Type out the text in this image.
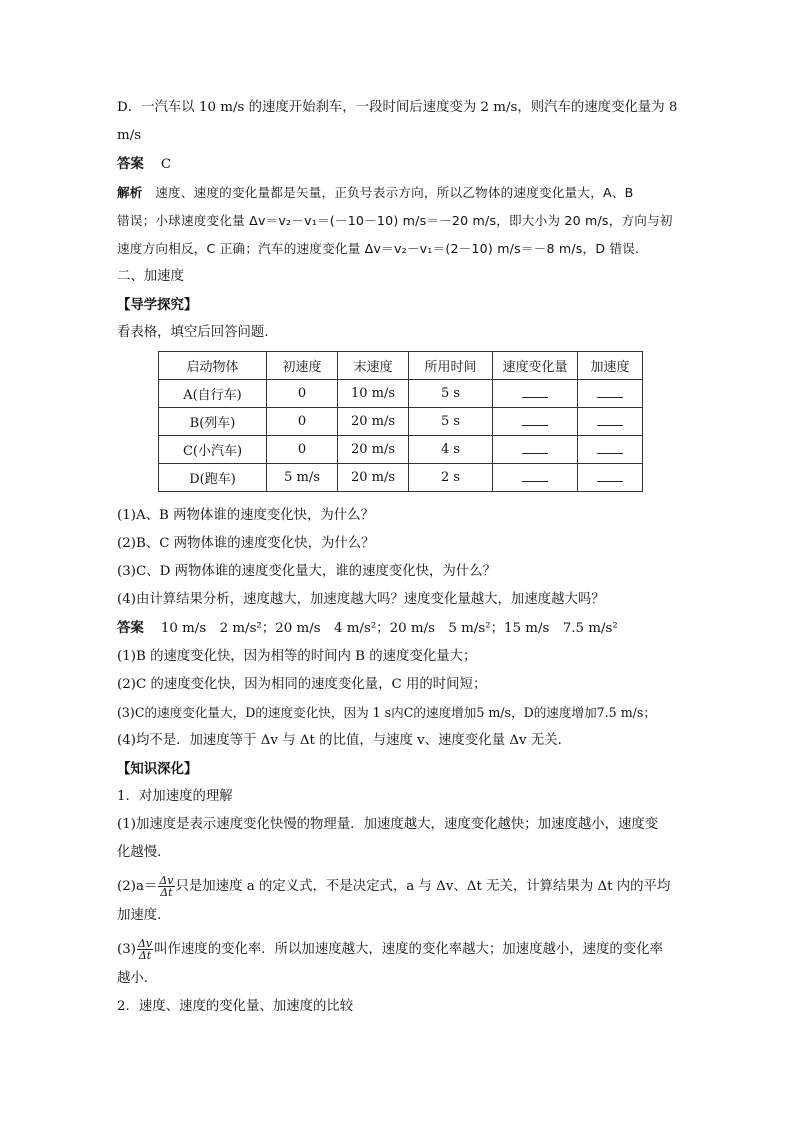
D．一汽车以 10 m/s 的速度开始刹车，一段时间后速度变为 2 m/s，则汽车的速度变化量为 8

m/s

答案 C

解析 速度、速度的变化量都是矢量，正负号表示方向，所以乙物体的速度变化量大，A、B

错误；小球速度变化量 Δv＝v₂－v₁＝(－10－10) m/s＝－20 m/s，即大小为 20 m/s，方向与初

速度方向相反，C 正确；汽车的速度变化量 Δv＝v₂－v₁＝(2－10) m/s＝－8 m/s，D 错误.

二、加速度

【导学探究】

看表格，填空后回答问题.

启动物体	初速度	末速度	所用时间	速度变化量	加速度
A(自行车)	0	10 m/s	5 s		
B(列车)	0	20 m/s	5 s		
C(小汽车)	0	20 m/s	4 s		
D(跑车)	5 m/s	20 m/s	2 s		

(1)A、B 两物体谁的速度变化快，为什么？

(2)B、C 两物体谁的速度变化快，为什么？

(3)C、D 两物体谁的速度变化量大，谁的速度变化快，为什么？

(4)由计算结果分析，速度越大，加速度越大吗？速度变化量越大，加速度越大吗？

答案 10 m/s　2 m/s²；20 m/s　4 m/s²；20 m/s　5 m/s²；15 m/s　7.5 m/s²

(1)B 的速度变化快，因为相等的时间内 B 的速度变化量大；

(2)C 的速度变化快，因为相同的速度变化量，C 用的时间短；

(3)C的速度变化量大，D的速度变化快，因为 1 s内C的速度增加5 m/s，D的速度增加7.5 m/s；

(4)均不是．加速度等于 Δv 与 Δt 的比值，与速度 v、速度变化量 Δv 无关．

【知识深化】

1．对加速度的理解

(1)加速度是表示速度变化快慢的物理量．加速度越大，速度变化越快；加速度越小，速度变

化越慢．

$(2)a= \frac{\Delta v}{\Delta t}$ 只是加速度 a 的定义式，不是决定式，a 与 Δv、Δt 无关，计算结果为 Δt 内的平均

加速度．

$(3) \frac{\Delta v}{\Delta t}$ 叫作速度的变化率．所以加速度越大，速度的变化率越大；加速度越小，速度的变化率

越小．

2．速度、速度的变化量、加速度的比较
